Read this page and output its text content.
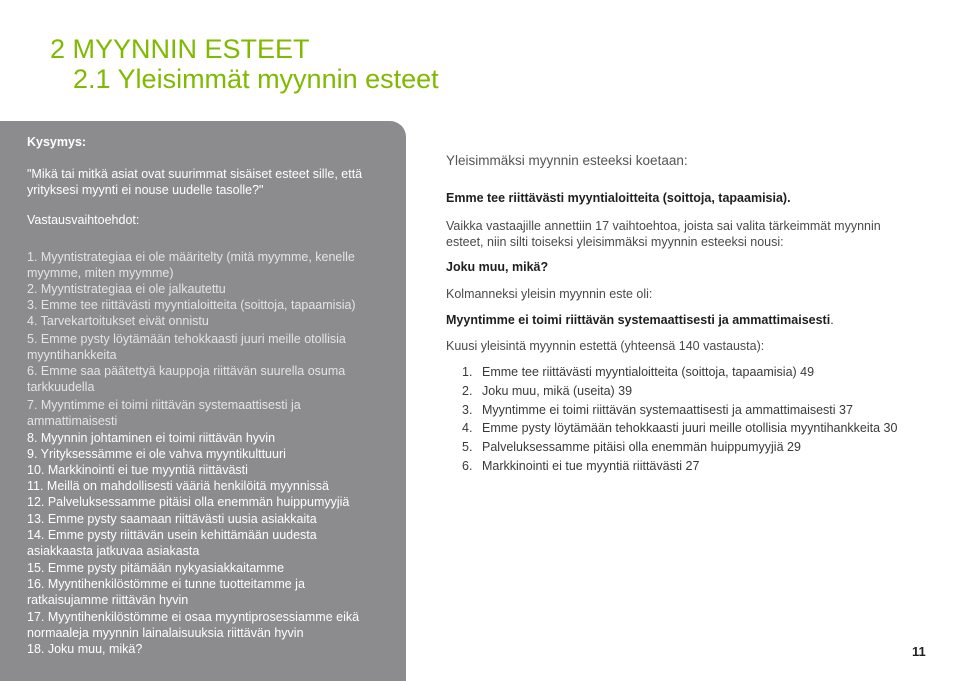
2 MYYNNIN ESTEET
2.1 Yleisimmät myynnin esteet
Kysymys:
"Mikä tai mitkä asiat ovat suurimmat sisäiset esteet sille, että
yrityksesi myynti ei nouse uudelle tasolle?"
Vastausvaihtoehdot:
1. Myyntistrategiaa ei ole määritelty (mitä myymme, kenelle
myymme, miten myymme)
2. Myyntistrategiaa ei ole jalkautettu
3. Emme tee riittävästi myyntialoitteita (soittoja, tapaamisia)
4. Tarvekartoitukset eivät onnistu
5. Emme pysty löytämään tehokkaasti juuri meille otollisia
myyntihankkeita
6. Emme saa päätettyä kauppoja riittävän suurella osuma
tarkkuudella
7. Myyntimme ei toimi riittävän systemaattisesti ja
ammattimaisesti
8. Myynnin johtaminen ei toimi riittävän hyvin
9. Yrityksessämme ei ole vahva myyntikulttuuri
10. Markkinointi ei tue myyntiä riittävästi
11. Meillä on mahdollisesti vääriä henkilöitä myynnissä
12. Palveluksessamme pitäisi olla enemmän huippumyyjiä
13. Emme pysty saamaan riittävästi uusia asiakkaita
14. Emme pysty riittävän usein kehittämään uudesta
asiakkaasta jatkuvaa asiakasta
15. Emme pysty pitämään nykyasiakkaitamme
16. Myyntihenkilöstömme ei tunne tuotteitamme ja
ratkaisujamme riittävän hyvin
17. Myyntihenkilöstömme ei osaa myyntiprosessiamme eikä
normaaleja myynnin lainalaisuuksia riittävän hyvin
18. Joku muu, mikä?
Yleisimmäksi myynnin esteeksi koetaan:
Emme tee riittävästi myyntialoitteita (soittoja, tapaamisia).
Vaikka vastaajille annettiin 17 vaihtoehtoa, joista sai valita tärkeimmät myynnin
esteet, niin silti toiseksi yleisimmäksi myynnin esteeksi nousi:
Joku muu, mikä?
Kolmanneksi yleisin myynnin este oli:
Myyntimme ei toimi riittävän systemaattisesti ja ammattimaisesti.
Kuusi yleisintä myynnin estettä (yhteensä 140 vastausta):
1. Emme tee riittävästi myyntialoitteita (soittoja, tapaamisia) 49
2. Joku muu, mikä (useita) 39
3. Myyntimme ei toimi riittävän systemaattisesti ja ammattimaisesti 37
4. Emme pysty löytämään tehokkaasti juuri meille otollisia myyntihankkeita 30
5. Palveluksessamme pitäisi olla enemmän huippumyyjiä 29
6. Markkinointi ei tue myyntiä riittävästi 27
11
